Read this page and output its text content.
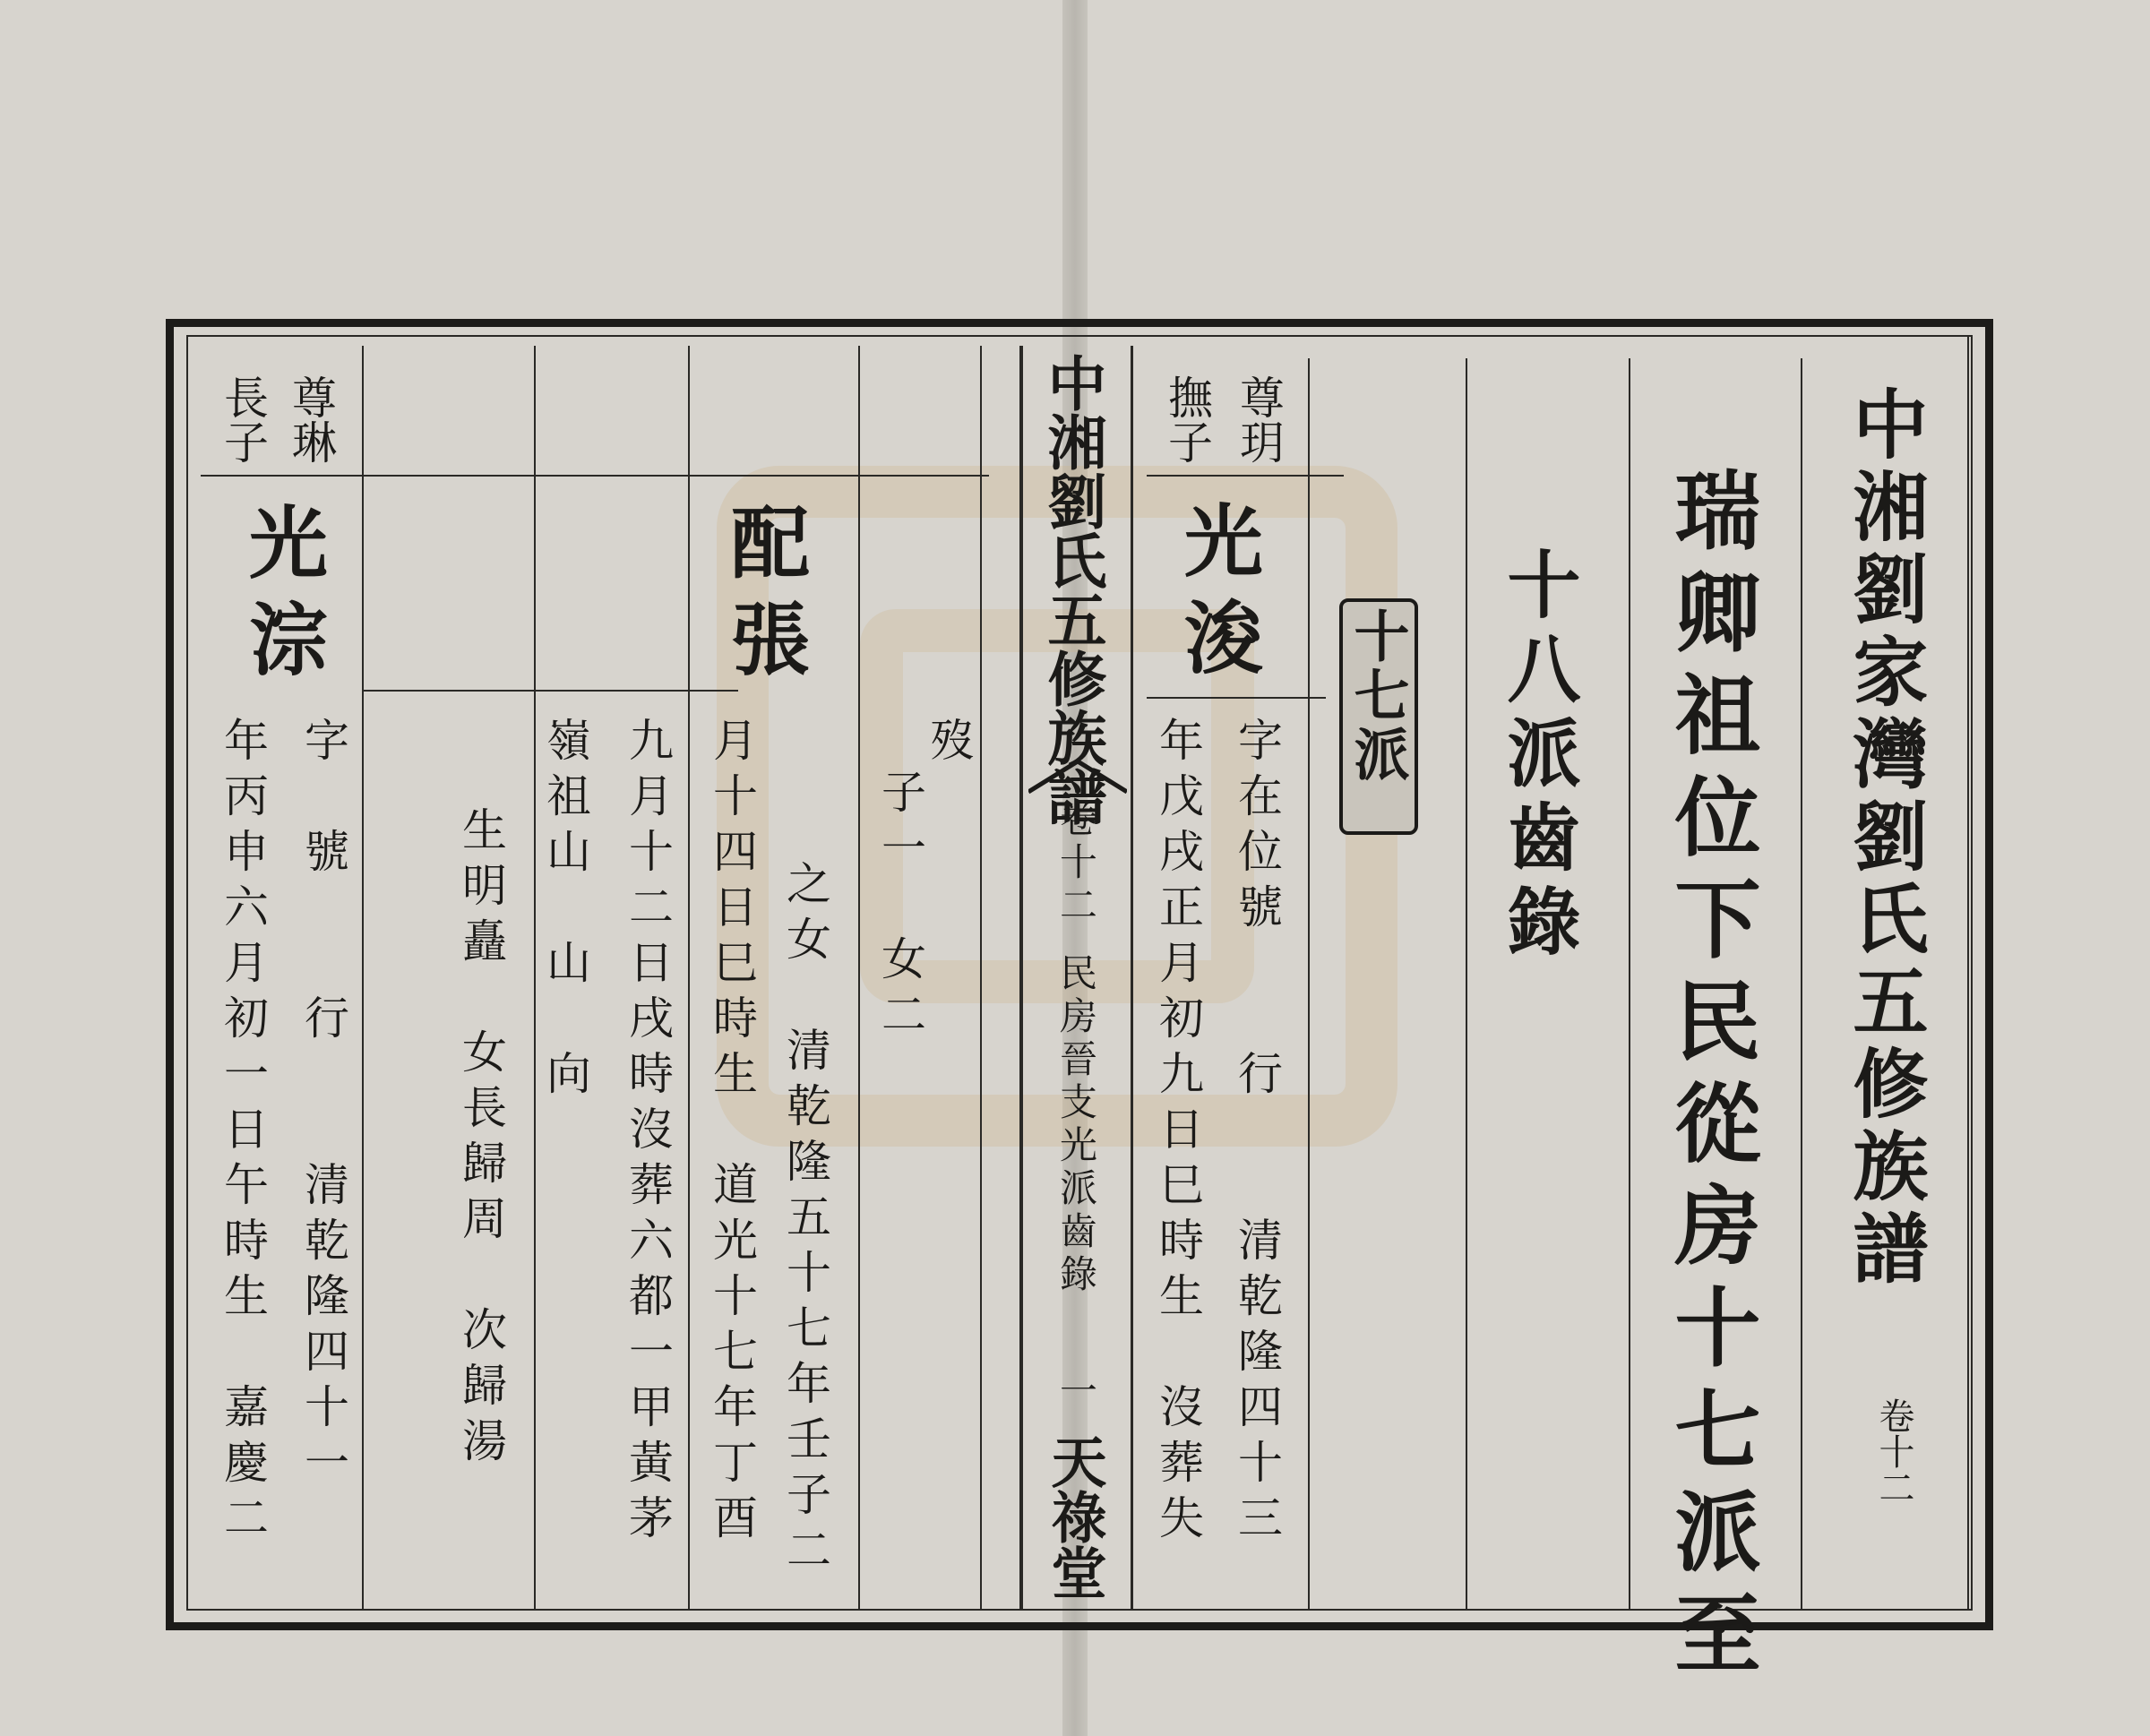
中湘劉家灣劉氏五修族譜
卷十二
瑞卿祖位下民從房十七派至
十八派齒錄
十七派
尊玥
撫子
光浚
字在位號　　行　　清乾隆四十三
年戊戌正月初九日巳時生　沒葬失
中湘劉氏五修族譜
卷十二
民房晉支光派齒錄
一
天祿堂
歿
子一　女二
之女　清乾隆五十七年壬子二
月十四日巳時生　道光十七年丁酉
九月十二日戌時沒葬六都一甲黃茅
嶺祖山　山　向
生明矗　女長歸周　次歸湯
配張
尊琳
長子
光淙
字　號　　行　　清乾隆四十一
年丙申六月初一日午時生　嘉慶二
